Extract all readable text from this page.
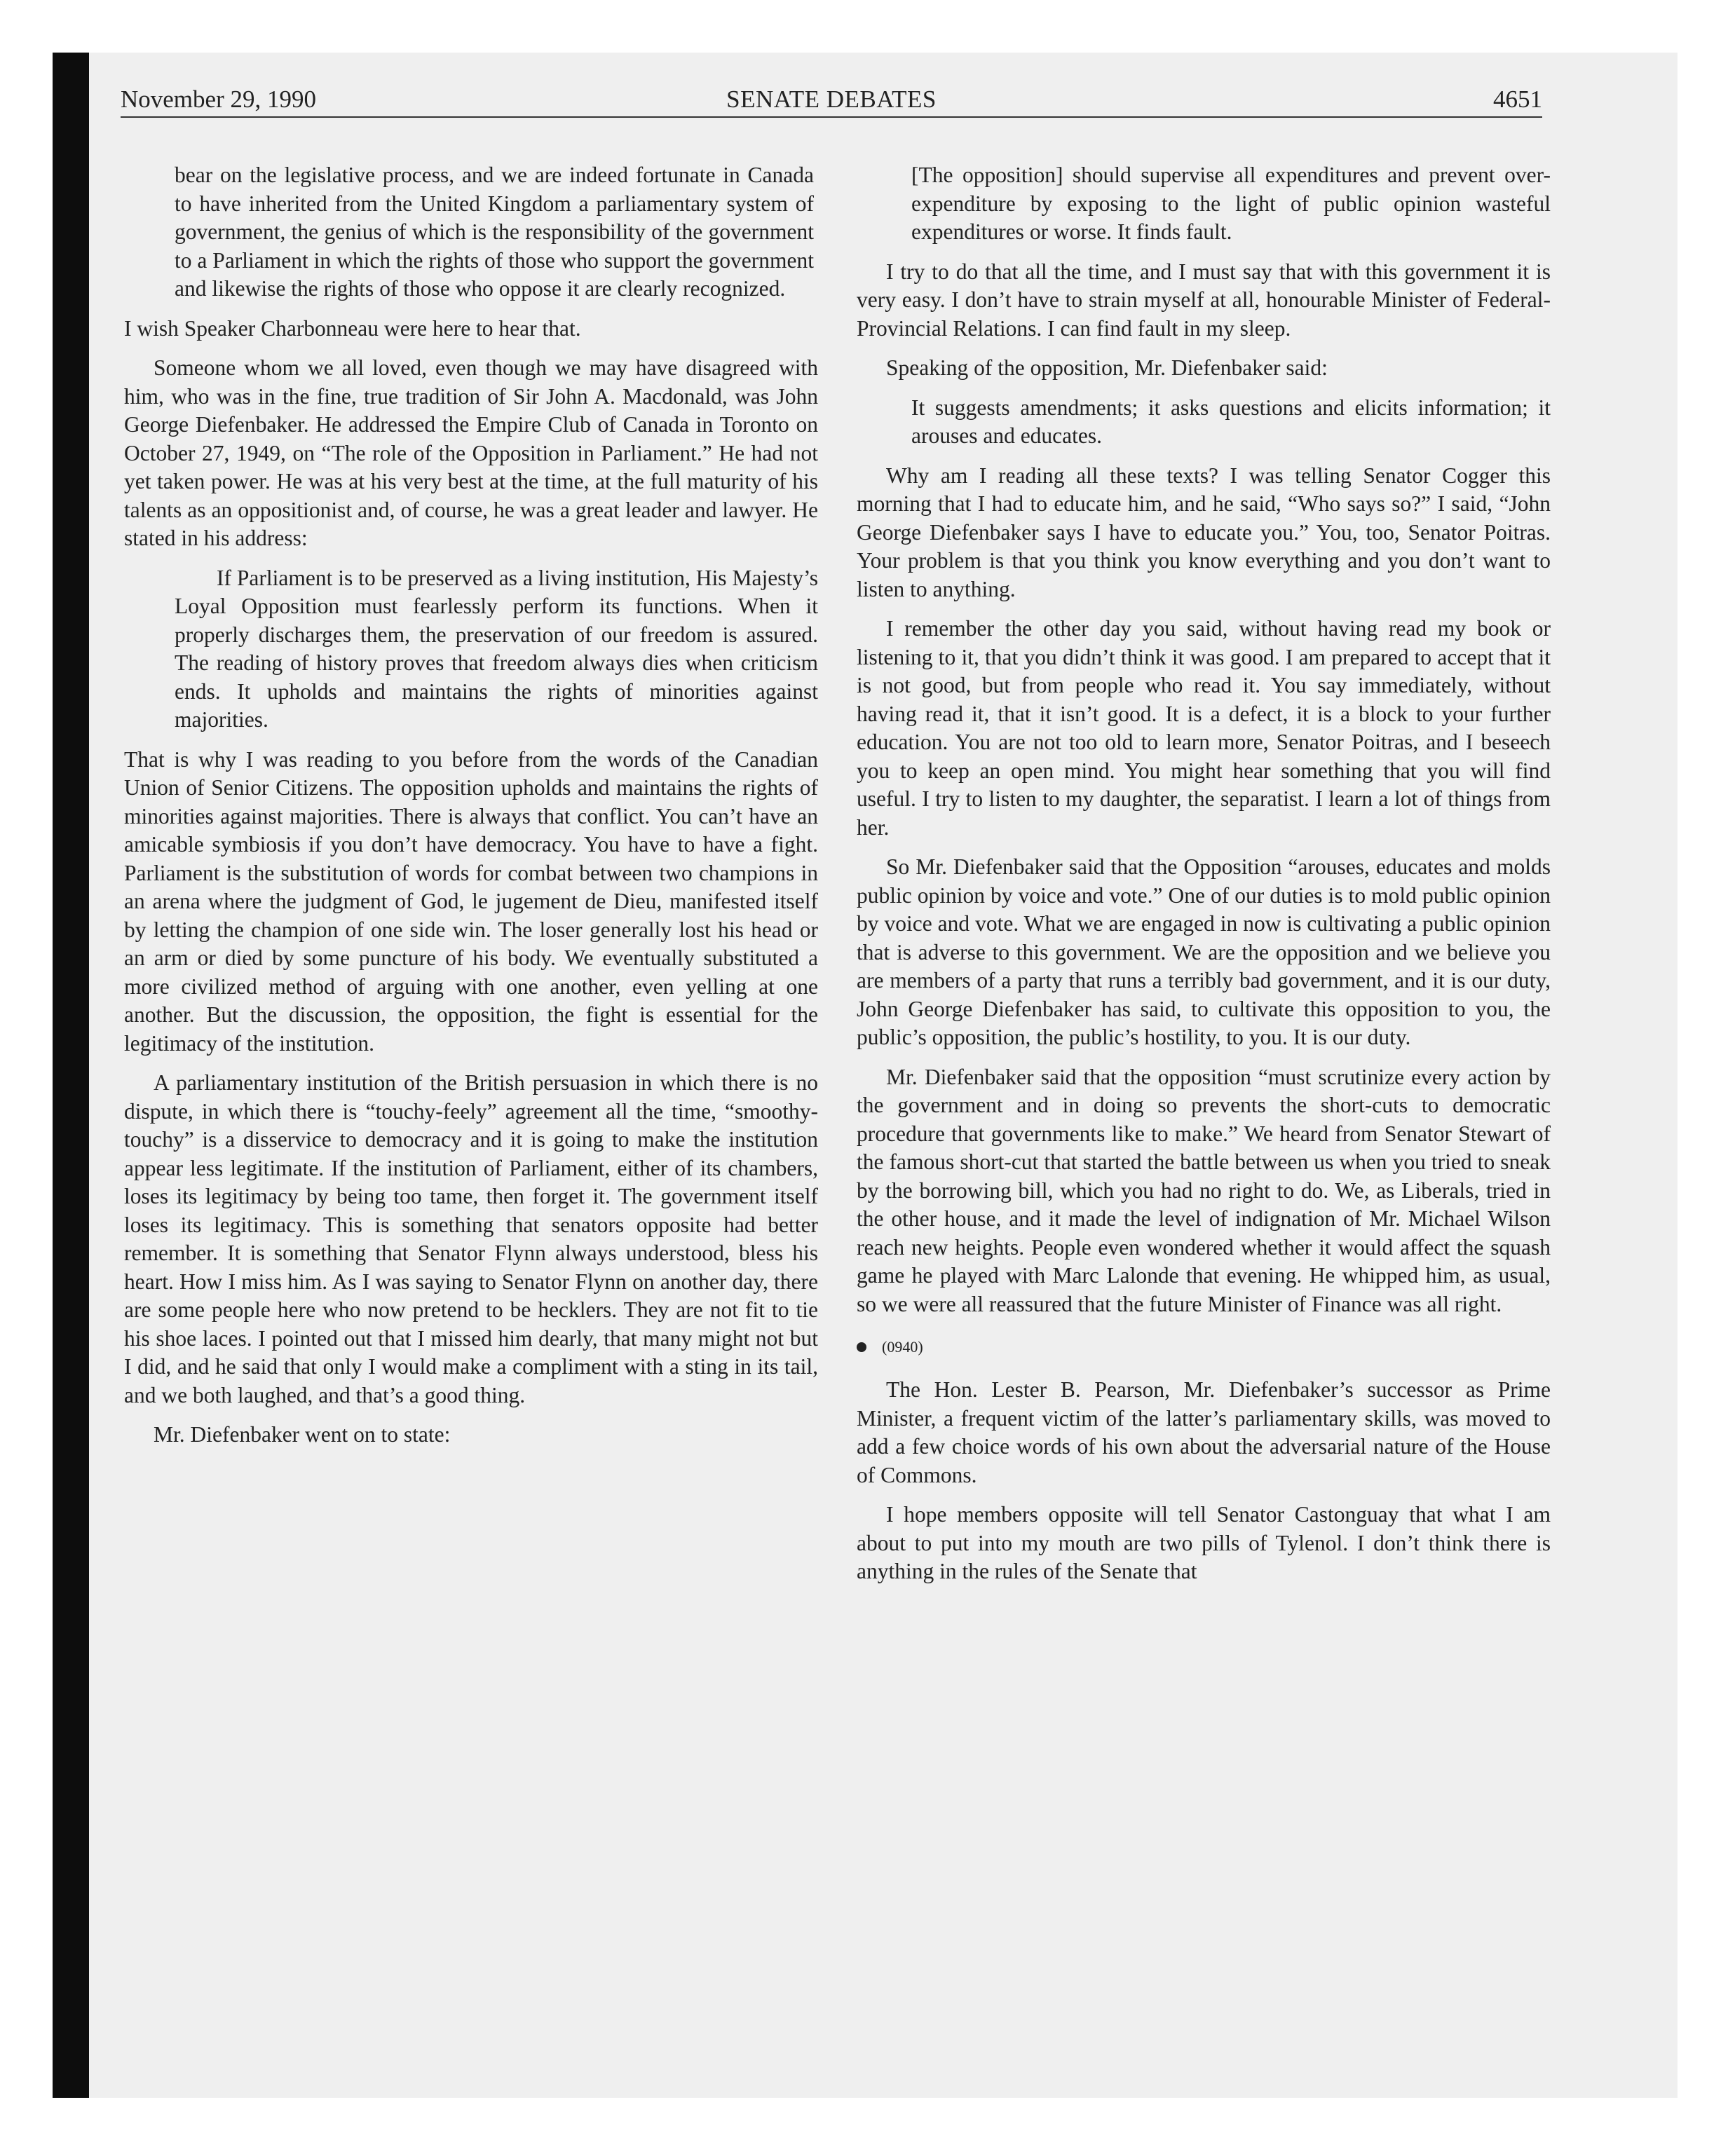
SENATE DEBATES
November 29, 1990	4651
bear on the legislative process, and we are indeed fortunate in Canada to have inherited from the United Kingdom a parliamentary system of government, the genius of which is the responsibility of the government to a Parliament in which the rights of those who support the government and likewise the rights of those who oppose it are clearly recognized.

I wish Speaker Charbonneau were here to hear that.

Someone whom we all loved, even though we may have disagreed with him, who was in the fine, true tradition of Sir John A. Macdonald, was John George Diefenbaker. He addressed the Empire Club of Canada in Toronto on October 27, 1949, on “The role of the Opposition in Parliament.” He had not yet taken power. He was at his very best at the time, at the full maturity of his talents as an oppositionist and, of course, he was a great leader and lawyer. He stated in his address:

If Parliament is to be preserved as a living institution, His Majesty’s Loyal Opposition must fearlessly perform its functions. When it properly discharges them, the preservation of our freedom is assured. The reading of history proves that freedom always dies when criticism ends. It upholds and maintains the rights of minorities against majorities.

That is why I was reading to you before from the words of the Canadian Union of Senior Citizens. The opposition upholds and maintains the rights of minorities against majorities. There is always that conflict. You can’t have an amicable symbiosis if you don’t have democracy. You have to have a fight. Parliament is the substitution of words for combat between two champions in an arena where the judgment of God, le jugement de Dieu, manifested itself by letting the champion of one side win. The loser generally lost his head or an arm or died by some puncture of his body. We eventually substituted a more civilized method of arguing with one another, even yelling at one another. But the discussion, the opposition, the fight is essential for the legitimacy of the institution.

A parliamentary institution of the British persuasion in which there is no dispute, in which there is “touchy-feely” agreement all the time, “smoothy-touchy” is a disservice to democracy and it is going to make the institution appear less legitimate. If the institution of Parliament, either of its chambers, loses its legitimacy by being too tame, then forget it. The government itself loses its legitimacy. This is something that senators opposite had better remember. It is something that Senator Flynn always understood, bless his heart. How I miss him. As I was saying to Senator Flynn on another day, there are some people here who now pretend to be hecklers. They are not fit to tie his shoe laces. I pointed out that I missed him dearly, that many might not but I did, and he said that only I would make a compliment with a sting in its tail, and we both laughed, and that’s a good thing.

Mr. Diefenbaker went on to state:

[The opposition] should supervise all expenditures and prevent over-expenditure by exposing to the light of public opinion wasteful expenditures or worse. It finds fault.

I try to do that all the time, and I must say that with this government it is very easy. I don’t have to strain myself at all, honourable Minister of Federal-Provincial Relations. I can find fault in my sleep.

Speaking of the opposition, Mr. Diefenbaker said:

It suggests amendments; it asks questions and elicits information; it arouses and educates.

Why am I reading all these texts? I was telling Senator Cogger this morning that I had to educate him, and he said, “Who says so?” I said, “John George Diefenbaker says I have to educate you.” You, too, Senator Poitras. Your problem is that you think you know everything and you don’t want to listen to anything.

I remember the other day you said, without having read my book or listening to it, that you didn’t think it was good. I am prepared to accept that it is not good, but from people who read it. You say immediately, without having read it, that it isn’t good. It is a defect, it is a block to your further education. You are not too old to learn more, Senator Poitras, and I beseech you to keep an open mind. You might hear something that you will find useful. I try to listen to my daughter, the separatist. I learn a lot of things from her.

So Mr. Diefenbaker said that the Opposition “arouses, educates and molds public opinion by voice and vote.” One of our duties is to mold public opinion by voice and vote. What we are engaged in now is cultivating a public opinion that is adverse to this government. We are the opposition and we believe you are members of a party that runs a terribly bad government, and it is our duty, John George Diefenbaker has said, to cultivate this opposition to you, the public’s opposition, the public’s hostility, to you. It is our duty.

Mr. Diefenbaker said that the opposition “must scrutinize every action by the government and in doing so prevents the short-cuts to democratic procedure that governments like to make.” We heard from Senator Stewart of the famous short-cut that started the battle between us when you tried to sneak by the borrowing bill, which you had no right to do. We, as Liberals, tried in the other house, and it made the level of indignation of Mr. Michael Wilson reach new heights. People even wondered whether it would affect the squash game he played with Marc Lalonde that evening. He whipped him, as usual, so we were all reassured that the future Minister of Finance was all right.

(0940)

The Hon. Lester B. Pearson, Mr. Diefenbaker’s successor as Prime Minister, a frequent victim of the latter’s parliamentary skills, was moved to add a few choice words of his own about the adversarial nature of the House of Commons.

I hope members opposite will tell Senator Castonguay that what I am about to put into my mouth are two pills of Tylenol. I don’t think there is anything in the rules of the Senate that
